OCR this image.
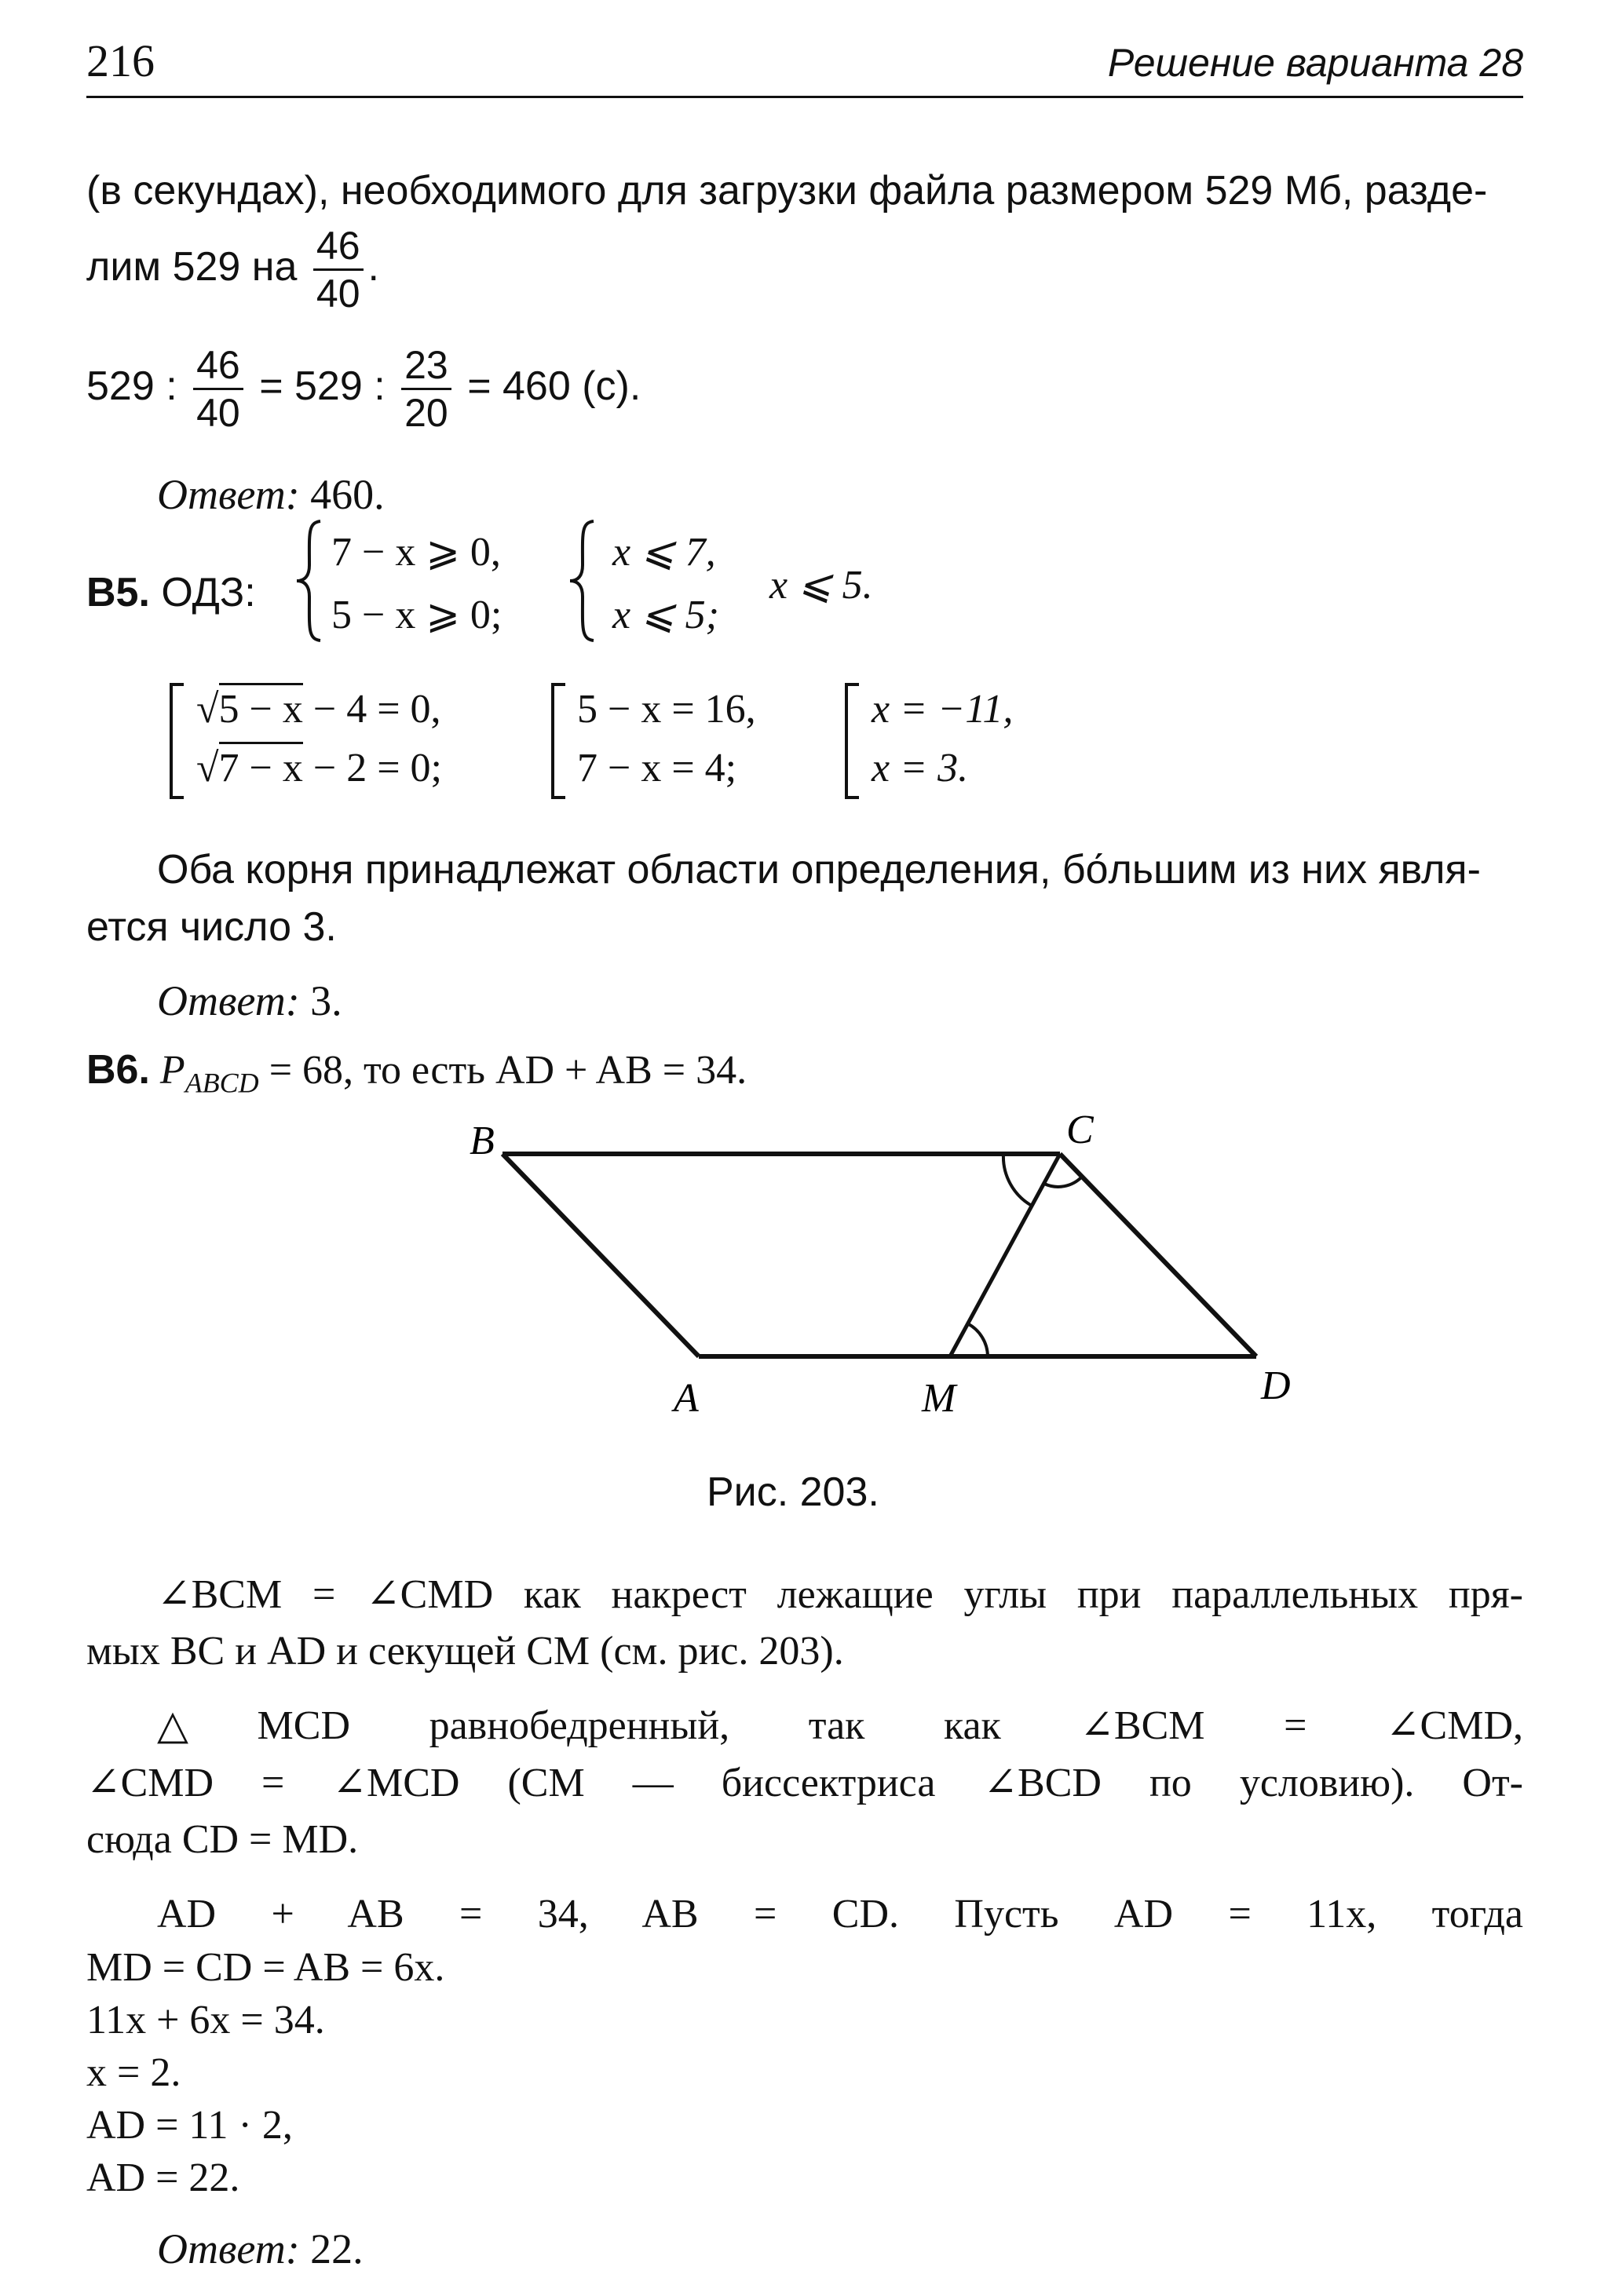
216	Решение варианта 28
(в секундах), необходимого для загрузки файла размером 529 Мб, разде-
лим 529 на $\frac{46}{40}$ .
529 : $\frac{46}{40} = 529$ : $\frac{23}{20} = 460$ (с).
Ответ: 460.
B5. ОДЗ:
7 − x ⩾ 0,
5 − x ⩾ 0;
x ⩽ 7,
x ⩽ 5;
x ⩽ 5.
√5 − x − 4 = 0,
√7 − x − 2 = 0;
5 − x = 16,
7 − x = 4;
x = −11,
x = 3.
Оба корня принадлежат области определения, бо́льшим из них явля-
ется число 3.
Ответ: 3.
B6. $P_{ABCD} = 68$, то есть AD + AB = 34.
B	C
A	M	D
Рис. 203.
∠BCM = ∠CMD как накрест лежащие углы при параллельных пря-
мых BC и AD и секущей CM (см. рис. 203).
△MCD равнобедренный, так как ∠BCM = ∠CMD,
∠CMD = ∠MCD (CM — биссектриса ∠BCD по условию). От-
сюда CD = MD.
AD + AB = 34, AB = CD. Пусть AD = 11x, тогда
MD = CD = AB = 6x.
11x + 6x = 34.
x = 2.
AD = 11 · 2,
AD = 22.
Ответ: 22.
